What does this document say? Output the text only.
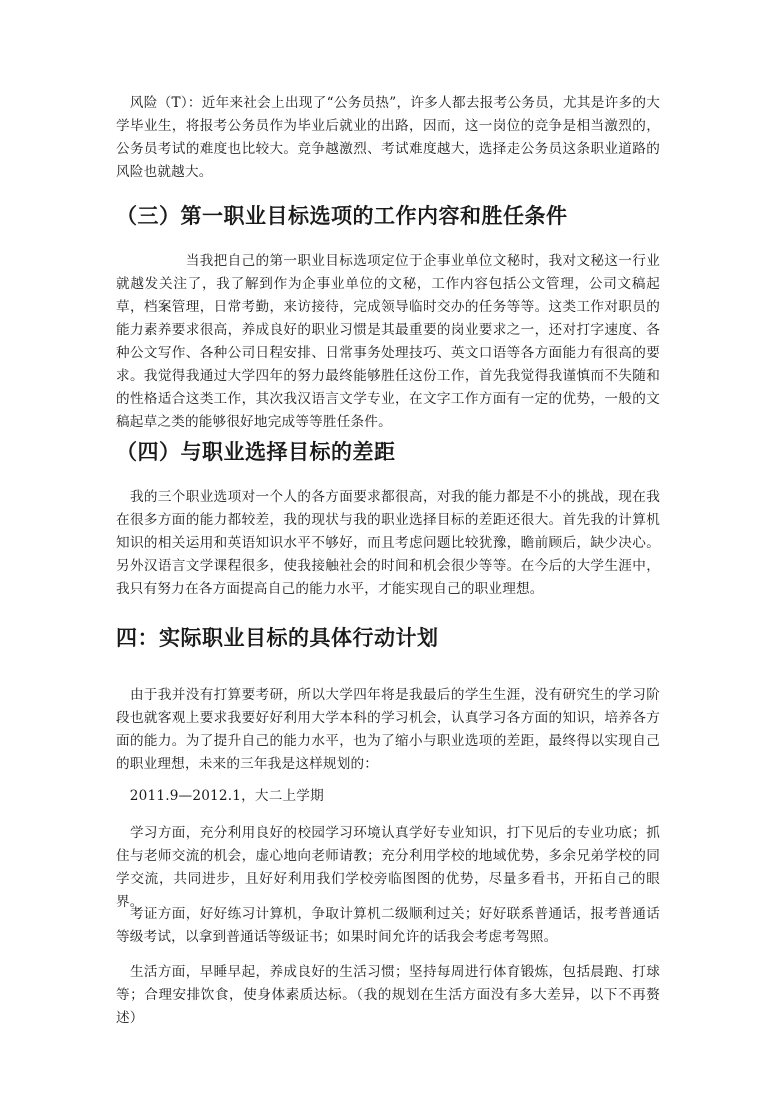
　风险（T）：近年来社会上出现了“公务员热”，许多人都去报考公务员，尤其是许多的大学毕业生，将报考公务员作为毕业后就业的出路，因而，这一岗位的竞争是相当激烈的，公务员考试的难度也比较大。竞争越激烈、考试难度越大，选择走公务员这条职业道路的风险也就越大。

（三）第一职业目标选项的工作内容和胜任条件

　　　　　当我把自己的第一职业目标选项定位于企事业单位文秘时，我对文秘这一行业就越发关注了，我了解到作为企事业单位的文秘，工作内容包括公文管理，公司文稿起草，档案管理，日常考勤，来访接待，完成领导临时交办的任务等等。这类工作对职员的能力素养要求很高，养成良好的职业习惯是其最重要的岗业要求之一，还对打字速度、各种公文写作、各种公司日程安排、日常事务处理技巧、英文口语等各方面能力有很高的要求。我觉得我通过大学四年的努力最终能够胜任这份工作，首先我觉得我谨慎而不失随和的性格适合这类工作，其次我汉语言文学专业，在文字工作方面有一定的优势，一般的文稿起草之类的能够很好地完成等等胜任条件。

（四）与职业选择目标的差距

　我的三个职业选项对一个人的各方面要求都很高，对我的能力都是不小的挑战，现在我在很多方面的能力都较差，我的现状与我的职业选择目标的差距还很大。首先我的计算机知识的相关运用和英语知识水平不够好，而且考虑问题比较犹豫，瞻前顾后，缺少决心。另外汉语言文学课程很多，使我接触社会的时间和机会很少等等。在今后的大学生涯中，我只有努力在各方面提高自己的能力水平，才能实现自己的职业理想。

四：实际职业目标的具体行动计划

　由于我并没有打算要考研，所以大学四年将是我最后的学生生涯，没有研究生的学习阶段也就客观上要求我要好好利用大学本科的学习机会，认真学习各方面的知识，培养各方面的能力。为了提升自己的能力水平，也为了缩小与职业选项的差距，最终得以实现自己的职业理想，未来的三年我是这样规划的：

　2011.9—2012.1，大二上学期

　学习方面，充分利用良好的校园学习环境认真学好专业知识，打下见后的专业功底；抓住与老师交流的机会，虚心地向老师请教；充分利用学校的地域优势，多余兄弟学校的同学交流，共同进步，且好好利用我们学校旁临图图的优势，尽量多看书，开拓自己的眼界。

　考证方面，好好练习计算机，争取计算机二级顺利过关；好好联系普通话，报考普通话等级考试，以拿到普通话等级证书；如果时间允许的话我会考虑考驾照。

　生活方面，早睡早起，养成良好的生活习惯；坚持每周进行体育锻炼，包括晨跑、打球等；合理安排饮食，使身体素质达标。（我的规划在生活方面没有多大差异，以下不再赘述）
